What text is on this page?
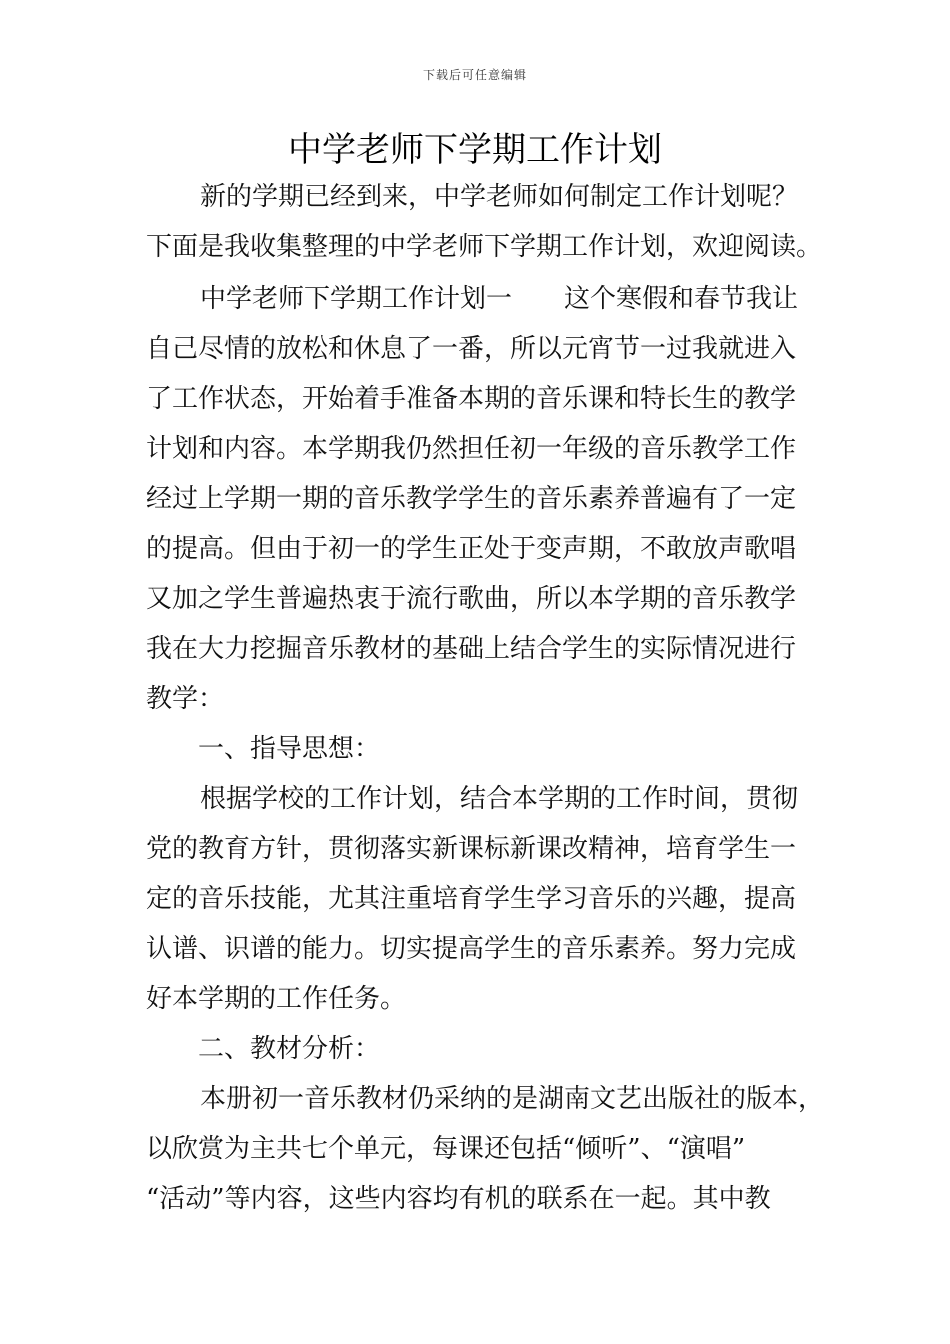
下载后可任意编辑
中学老师下学期工作计划
新的学期已经到来，中学老师如何制定工作计划呢？
下面是我收集整理的中学老师下学期工作计划，欢迎阅读。
中学老师下学期工作计划一　　这个寒假和春节我让
自己尽情的放松和休息了一番，所以元宵节一过我就进入
了工作状态，开始着手准备本期的音乐课和特长生的教学
计划和内容。本学期我仍然担任初一年级的音乐教学工作
经过上学期一期的音乐教学学生的音乐素养普遍有了一定
的提高。但由于初一的学生正处于变声期，不敢放声歌唱
又加之学生普遍热衷于流行歌曲，所以本学期的音乐教学
我在大力挖掘音乐教材的基础上结合学生的实际情况进行
教学：
一、指导思想：
根据学校的工作计划，结合本学期的工作时间，贯彻
党的教育方针，贯彻落实新课标新课改精神，培育学生一
定的音乐技能，尤其注重培育学生学习音乐的兴趣，提高
认谱、识谱的能力。切实提高学生的音乐素养。努力完成
好本学期的工作任务。
二、教材分析：
本册初一音乐教材仍采纳的是湖南文艺出版社的版本，
以欣赏为主共七个单元，每课还包括“倾听”、“演唱”
“活动”等内容，这些内容均有机的联系在一起。其中教
